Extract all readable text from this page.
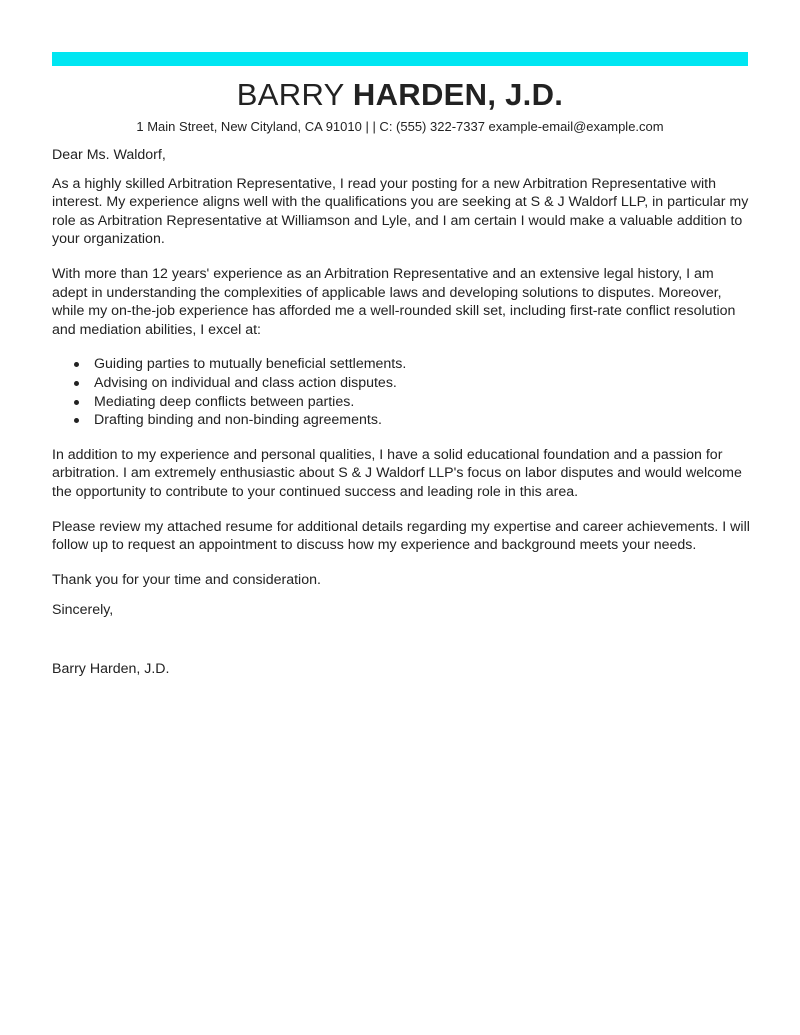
BARRY HARDEN, J.D.
1 Main Street, New Cityland, CA 91010 | | C: (555) 322-7337 example-email@example.com

Dear Ms. Waldorf,

As a highly skilled Arbitration Representative, I read your posting for a new Arbitration Representative with interest. My experience aligns well with the qualifications you are seeking at S & J Waldorf LLP, in particular my role as Arbitration Representative at Williamson and Lyle, and I am certain I would make a valuable addition to your organization.

With more than 12 years' experience as an Arbitration Representative and an extensive legal history, I am adept in understanding the complexities of applicable laws and developing solutions to disputes. Moreover, while my on-the-job experience has afforded me a well-rounded skill set, including first-rate conflict resolution and mediation abilities, I excel at:

Guiding parties to mutually beneficial settlements.
Advising on individual and class action disputes.
Mediating deep conflicts between parties.
Drafting binding and non-binding agreements.

In addition to my experience and personal qualities, I have a solid educational foundation and a passion for arbitration. I am extremely enthusiastic about S & J Waldorf LLP's focus on labor disputes and would welcome the opportunity to contribute to your continued success and leading role in this area.

Please review my attached resume for additional details regarding my expertise and career achievements. I will follow up to request an appointment to discuss how my experience and background meets your needs.

Thank you for your time and consideration.

Sincerely,

Barry Harden, J.D.
